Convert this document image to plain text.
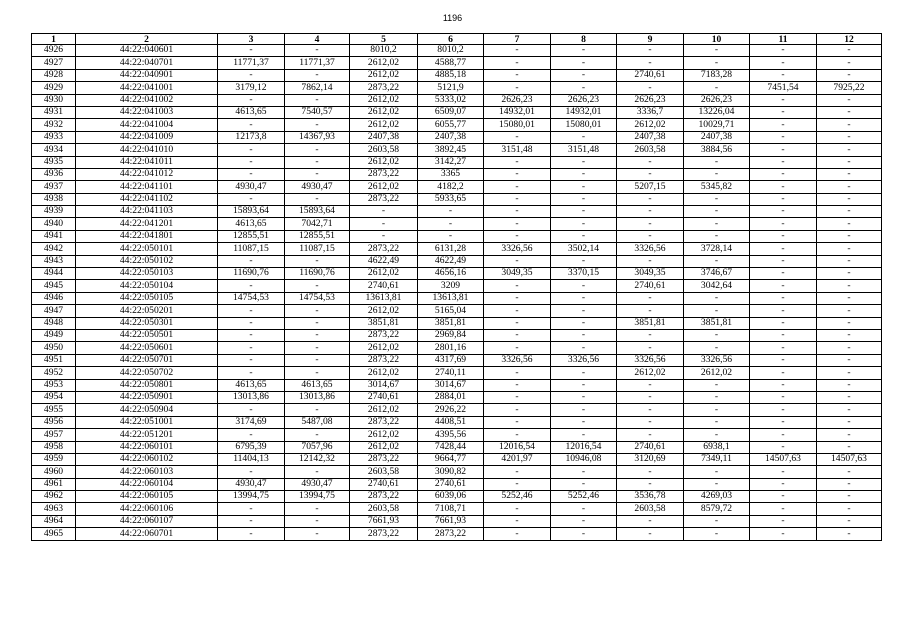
1196
1	2	3	4	5	6	7	8	9	10	11	12
4926	44:22:040601	-	-	8010,2	8010,2	-	-	-	-	-	-
4927	44:22:040701	11771,37	11771,37	2612,02	4588,77	-	-	-	-	-	-
4928	44:22:040901	-	-	2612,02	4885,18	-	-	2740,61	7183,28	-	-
4929	44:22:041001	3179,12	7862,14	2873,22	5121,9	-	-	-	-	7451,54	7925,22
4930	44:22:041002	-	-	2612,02	5333,02	2626,23	2626,23	2626,23	2626,23	-	-
4931	44:22:041003	4613,65	7540,57	2612,02	6509,07	14932,01	14932,01	3336,7	13226,04	-	-
4932	44:22:041004	-	-	2612,02	6055,77	15080,01	15080,01	2612,02	10029,71	-	-
4933	44:22:041009	12173,8	14367,93	2407,38	2407,38	-	-	2407,38	2407,38	-	-
4934	44:22:041010	-	-	2603,58	3892,45	3151,48	3151,48	2603,58	3884,56	-	-
4935	44:22:041011	-	-	2612,02	3142,27	-	-	-	-	-	-
4936	44:22:041012	-	-	2873,22	3365	-	-	-	-	-	-
4937	44:22:041101	4930,47	4930,47	2612,02	4182,2	-	-	5207,15	5345,82	-	-
4938	44:22:041102	-	-	2873,22	5933,65	-	-	-	-	-	-
4939	44:22:041103	15893,64	15893,64	-	-	-	-	-	-	-	-
4940	44:22:041201	4613,65	7042,71	-	-	-	-	-	-	-	-
4941	44:22:041801	12855,51	12855,51	-	-	-	-	-	-	-	-
4942	44:22:050101	11087,15	11087,15	2873,22	6131,28	3326,56	3502,14	3326,56	3728,14	-	-
4943	44:22:050102	-	-	4622,49	4622,49	-	-	-	-	-	-
4944	44:22:050103	11690,76	11690,76	2612,02	4656,16	3049,35	3370,15	3049,35	3746,67	-	-
4945	44:22:050104	-	-	2740,61	3209	-	-	2740,61	3042,64	-	-
4946	44:22:050105	14754,53	14754,53	13613,81	13613,81	-	-	-	-	-	-
4947	44:22:050201	-	-	2612,02	5165,04	-	-	-	-	-	-
4948	44:22:050301	-	-	3851,81	3851,81	-	-	3851,81	3851,81	-	-
4949	44:22:050501	-	-	2873,22	2969,84	-	-	-	-	-	-
4950	44:22:050601	-	-	2612,02	2801,16	-	-	-	-	-	-
4951	44:22:050701	-	-	2873,22	4317,69	3326,56	3326,56	3326,56	3326,56	-	-
4952	44:22:050702	-	-	2612,02	2740,11	-	-	2612,02	2612,02	-	-
4953	44:22:050801	4613,65	4613,65	3014,67	3014,67	-	-	-	-	-	-
4954	44:22:050901	13013,86	13013,86	2740,61	2884,01	-	-	-	-	-	-
4955	44:22:050904	-	-	2612,02	2926,22	-	-	-	-	-	-
4956	44:22:051001	3174,69	5487,08	2873,22	4408,51	-	-	-	-	-	-
4957	44:22:051201	-	-	2612,02	4395,56	-	-	-	-	-	-
4958	44:22:060101	6795,39	7057,96	2612,02	7428,44	12016,54	12016,54	2740,61	6938,1	-	-
4959	44:22:060102	11404,13	12142,32	2873,22	9664,77	4201,97	10946,08	3120,69	7349,11	14507,63	14507,63
4960	44:22:060103	-	-	2603,58	3090,82	-	-	-	-	-	-
4961	44:22:060104	4930,47	4930,47	2740,61	2740,61	-	-	-	-	-	-
4962	44:22:060105	13994,75	13994,75	2873,22	6039,06	5252,46	5252,46	3536,78	4269,03	-	-
4963	44:22:060106	-	-	2603,58	7108,71	-	-	2603,58	8579,72	-	-
4964	44:22:060107	-	-	7661,93	7661,93	-	-	-	-	-	-
4965	44:22:060701	-	-	2873,22	2873,22	-	-	-	-	-	-
